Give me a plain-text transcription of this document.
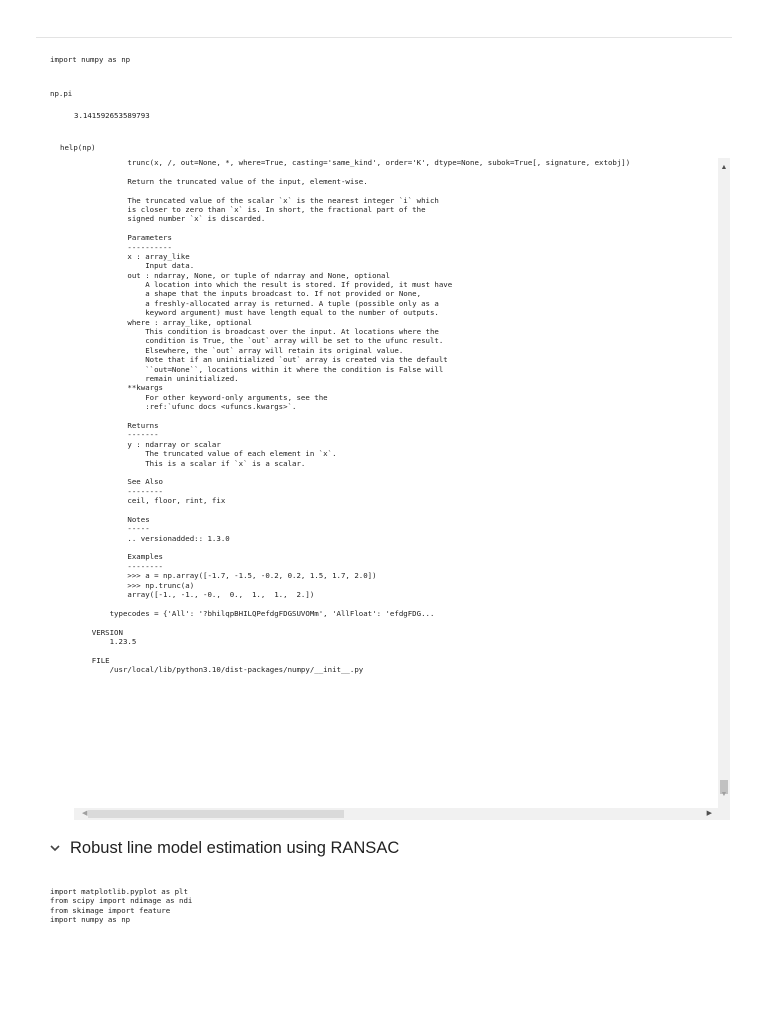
import numpy as np
np.pi
3.141592653589793
help(np)
trunc(x, /, out=None, *, where=True, casting='same_kind', order='K', dtype=None, subok=True[, signature, extobj])
Return the truncated value of the input, element-wise.
The truncated value of the scalar `x` is the nearest integer `i` which
is closer to zero than `x` is. In short, the fractional part of the
signed number `x` is discarded.
Parameters
----------
x : array_like
Input data.
out : ndarray, None, or tuple of ndarray and None, optional
A location into which the result is stored. If provided, it must have
a shape that the inputs broadcast to. If not provided or None,
a freshly-allocated array is returned. A tuple (possible only as a
keyword argument) must have length equal to the number of outputs.
where : array_like, optional
This condition is broadcast over the input. At locations where the
condition is True, the `out` array will be set to the ufunc result.
Elsewhere, the `out` array will retain its original value.
Note that if an uninitialized `out` array is created via the default
``out=None``, locations within it where the condition is False will
remain uninitialized.
**kwargs
For other keyword-only arguments, see the
:ref:`ufunc docs <ufuncs.kwargs>`.
Returns
-------
y : ndarray or scalar
The truncated value of each element in `x`.
This is a scalar if `x` is a scalar.
See Also
--------
ceil, floor, rint, fix
Notes
-----
.. versionadded:: 1.3.0
Examples
--------
>>> a = np.array([-1.7, -1.5, -0.2, 0.2, 1.5, 1.7, 2.0])
>>> np.trunc(a)
array([-1., -1., -0.,  0.,  1.,  1.,  2.])
typecodes = {'All': '?bhilqpBHILQPefdgFDGSUVOMm', 'AllFloat': 'efdgFDG...
VERSION
1.23.5
FILE
/usr/local/lib/python3.10/dist-packages/numpy/__init__.py
▲
▼
◀	▶
Robust line model estimation using RANSAC
import matplotlib.pyplot as plt
from scipy import ndimage as ndi
from skimage import feature
import numpy as np
